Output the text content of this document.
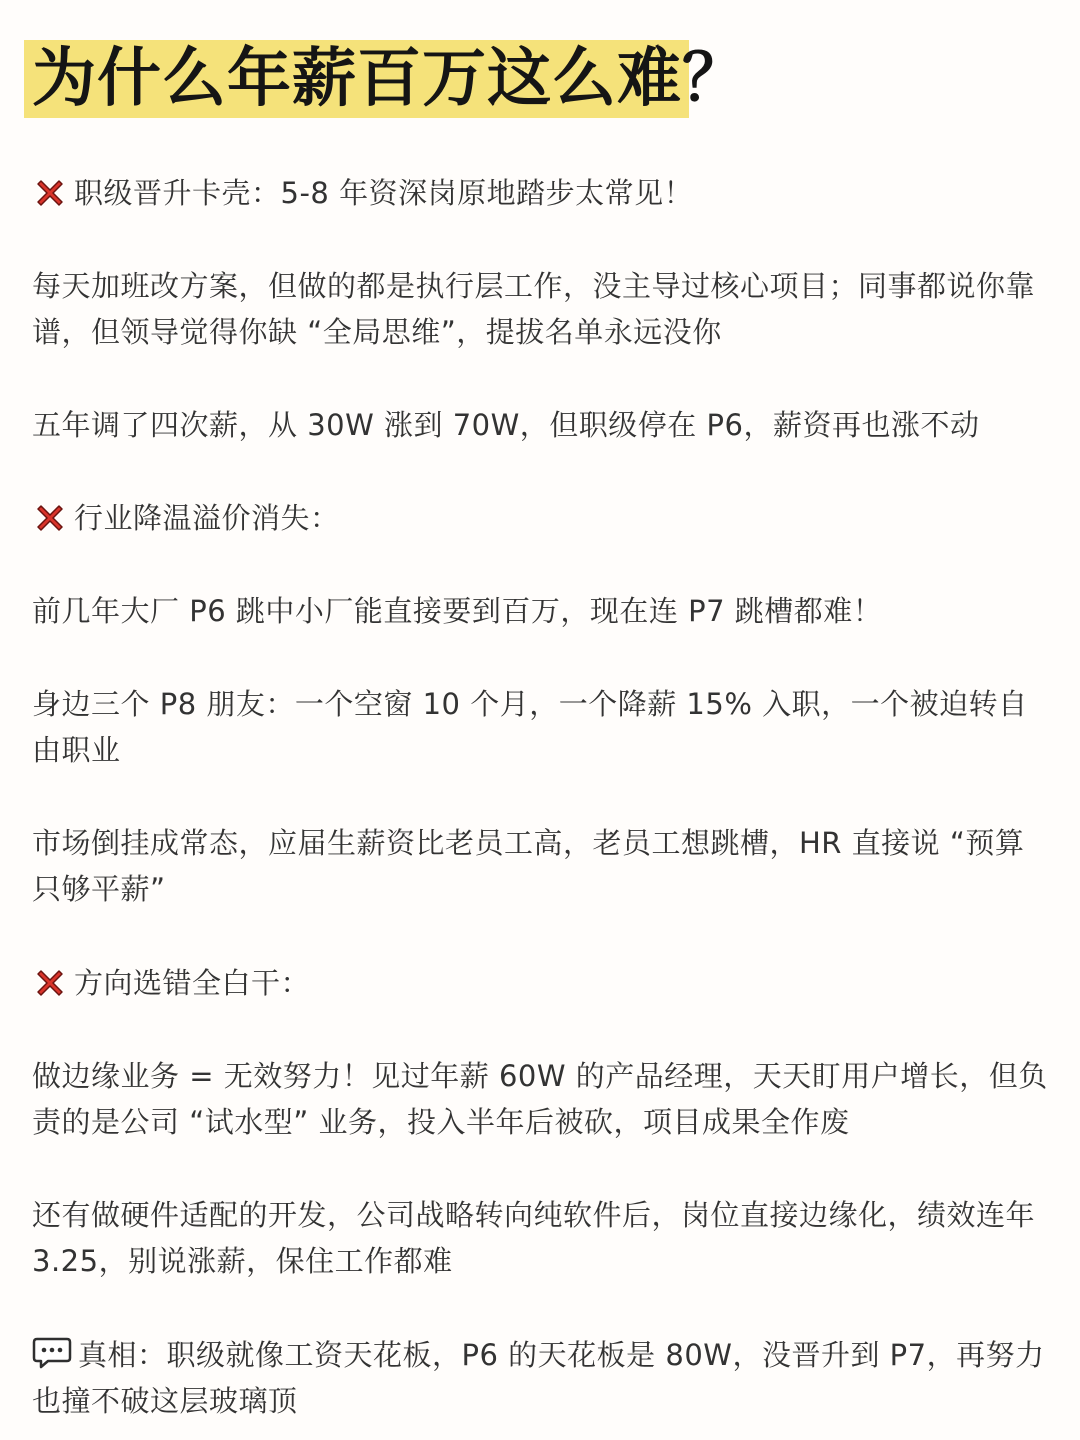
为什么年薪百万这么难？
职级晋升卡壳：5-8 年资深岗原地踏步太常见！
每天加班改方案，但做的都是执行层工作，没主导过核心项目；同事都说你靠谱，但领导觉得你缺 “全局思维”，提拔名单永远没你
五年调了四次薪，从 30W 涨到 70W，但职级停在 P6，薪资再也涨不动
行业降温溢价消失：
前几年大厂 P6 跳中小厂能直接要到百万，现在连 P7 跳槽都难！
身边三个 P8 朋友：一个空窗 10 个月，一个降薪 15% 入职，一个被迫转自由职业
市场倒挂成常态，应届生薪资比老员工高，老员工想跳槽，HR 直接说 “预算只够平薪”
方向选错全白干：
做边缘业务 = 无效努力！见过年薪 60W 的产品经理，天天盯用户增长，但负责的是公司 “试水型” 业务，投入半年后被砍，项目成果全作废
还有做硬件适配的开发，公司战略转向纯软件后，岗位直接边缘化，绩效连年 3.25，别说涨薪，保住工作都难
真相：职级就像工资天花板，P6 的天花板是 80W，没晋升到 P7，再努力也撞不破这层玻璃顶
